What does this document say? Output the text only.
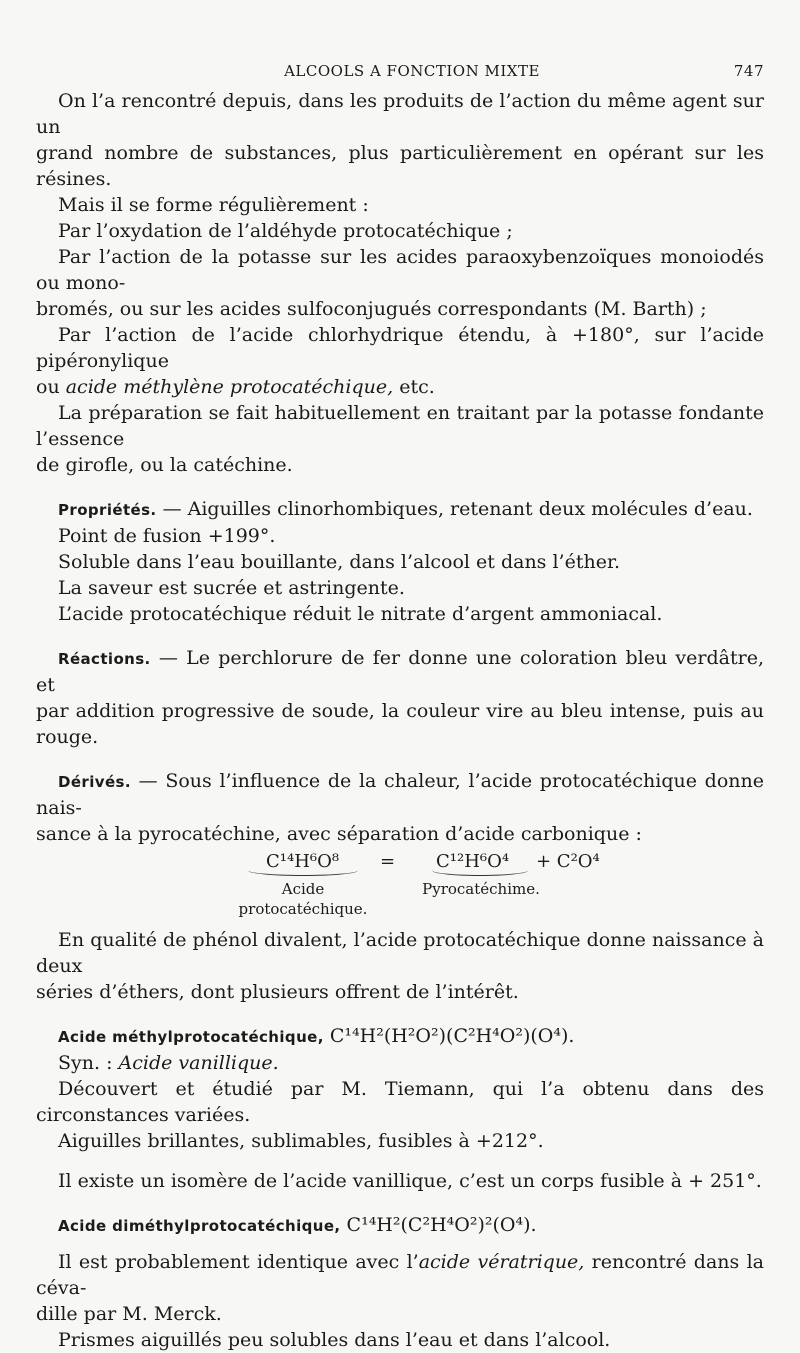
ALCOOLS A FONCTION MIXTE	747

On l’a rencontré depuis, dans les produits de l’action du même agent sur un
grand nombre de substances, plus particulièrement en opérant sur les résines.

Mais il se forme régulièrement :
Par l’oxydation de l’aldéhyde protocatéchique ;
Par l’action de la potasse sur les acides paraoxybenzoïques monoiodés ou mono-
bromés, ou sur les acides sulfoconjugués correspondants (M. Barth) ;
Par l’action de l’acide chlorhydrique étendu, à +180°, sur l’acide pipéronylique
ou acide méthylène protocatéchique, etc.
La préparation se fait habituellement en traitant par la potasse fondante l’essence
de girofle, ou la catéchine.

Propriétés. — Aiguilles clinorhombiques, retenant deux molécules d’eau.
Point de fusion +199°.
Soluble dans l’eau bouillante, dans l’alcool et dans l’éther.
La saveur est sucrée et astringente.
L’acide protocatéchique réduit le nitrate d’argent ammoniacal.

Réactions. — Le perchlorure de fer donne une coloration bleu verdâtre, et
par addition progressive de soude, la couleur vire au bleu intense, puis au rouge.

Dérivés. — Sous l’influence de la chaleur, l’acide protocatéchique donne nais-
sance à la pyrocatéchine, avec séparation d’acide carbonique :

C¹⁴H⁶O⁸ = C¹²H⁶O⁴ + C²O⁴
Acide
protocatéchique.
Pyrocatéchime.

En qualité de phénol divalent, l’acide protocatéchique donne naissance à deux
séries d’éthers, dont plusieurs offrent de l’intérêt.

Acide méthylprotocatéchique, C¹⁴H²(H²O²)(C²H⁴O²)(O⁴).
Syn. : Acide vanillique.
Découvert et étudié par M. Tiemann, qui l’a obtenu dans des circonstances variées.
Aiguilles brillantes, sublimables, fusibles à +212°.
Il existe un isomère de l’acide vanillique, c’est un corps fusible à + 251°.

Acide diméthylprotocatéchique, C¹⁴H²(C²H⁴O²)²(O⁴).
Il est probablement identique avec l’acide vératrique, rencontré dans la céva-
dille par M. Merck.
Prismes aiguillés peu solubles dans l’eau et dans l’alcool.
